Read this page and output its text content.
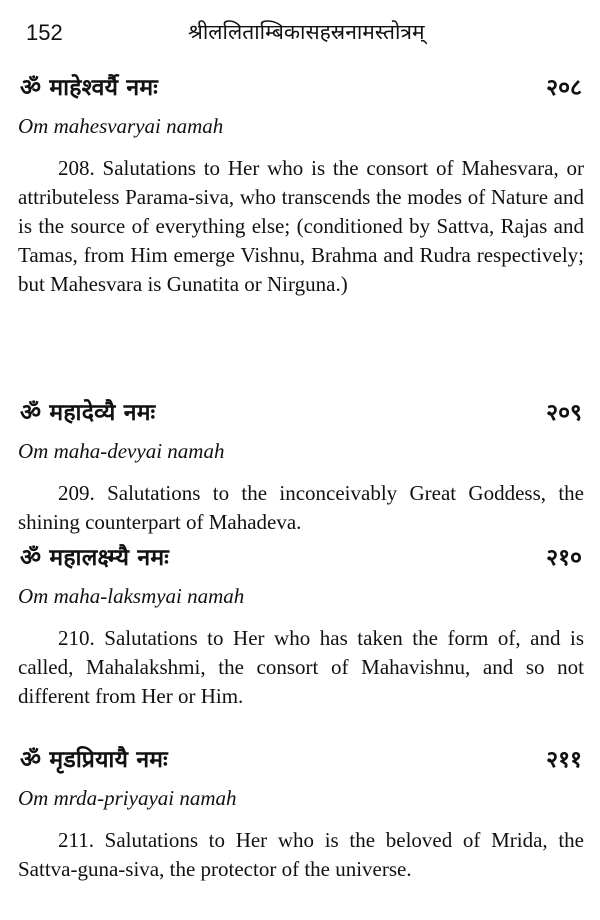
152	श्रीललिताम्बिकासहस्रनामस्तोत्रम्
ॐ माहेश्वर्यै नमः	२०८

Om mahesvaryai namah

208. Salutations to Her who is the consort of Mahesvara, or attributeless Parama-siva, who transcends the modes of Nature and is the source of everything else; (conditioned by Sattva, Rajas and Tamas, from Him emerge Vishnu, Brahma and Rudra respectively; but Mahesvara is Gunatita or Nirguna.)

ॐ महादेव्यै नमः	२०९

Om maha-devyai namah

209. Salutations to the inconceivably Great Goddess, the shining counterpart of Mahadeva.

ॐ महालक्ष्म्यै नमः	२१०

Om maha-laksmyai namah

210. Salutations to Her who has taken the form of, and is called, Mahalakshmi, the consort of Mahavishnu, and so not different from Her or Him.

ॐ मृडप्रियायै नमः	२११

Om mrda-priyayai namah

211. Salutations to Her who is the beloved of Mrida, the Sattva-guna-siva, the protector of the universe.
